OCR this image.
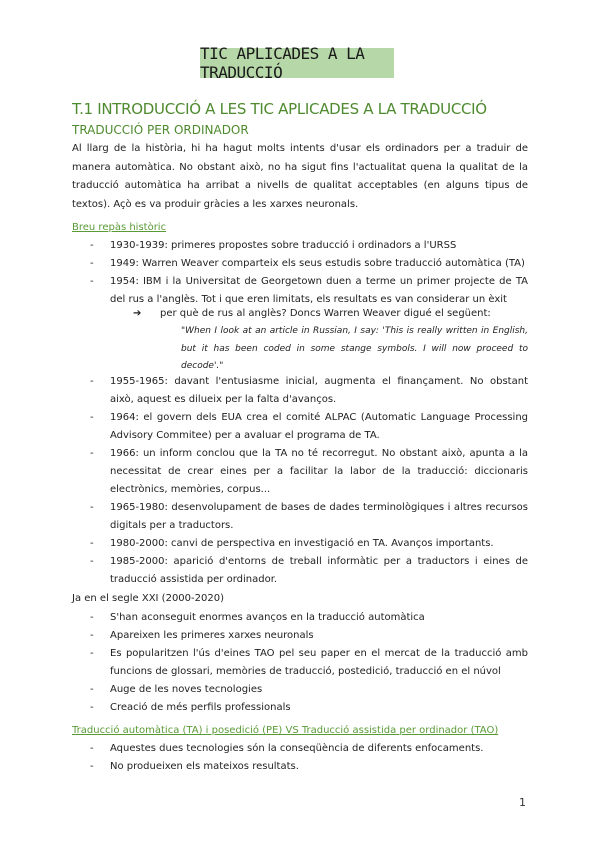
TIC APLICADES A LA TRADUCCIÓ
T.1 INTRODUCCIÓ A LES TIC APLICADES A LA TRADUCCIÓ
TRADUCCIÓ PER ORDINADOR
Al llarg de la història, hi ha hagut molts intents d'usar els ordinadors per a traduir de manera automàtica. No obstant això, no ha sigut fins l'actualitat quena la qualitat de la traducció automàtica ha arribat a nivells de qualitat acceptables (en alguns tipus de textos). Açò es va produir gràcies a les xarxes neuronals.
Breu repàs històric
- 1930-1939: primeres propostes sobre traducció i ordinadors a l'URSS
- 1949: Warren Weaver comparteix els seus estudis sobre traducció automàtica (TA)
- 1954: IBM i la Universitat de Georgetown duen a terme un primer projecte de TA del rus a l'anglès. Tot i que eren limitats, els resultats es van considerar un èxit
➔ per què de rus al anglès? Doncs Warren Weaver digué el següent:
"When I look at an article in Russian, I say: 'This is really written in English, but it has been coded in some stange symbols. I will now proceed to decode'."
- 1955-1965: davant l'entusiasme inicial, augmenta el finançament. No obstant això, aquest es dilueix per la falta d'avanços.
- 1964: el govern dels EUA crea el comité ALPAC (Automatic Language Processing Advisory Commitee) per a avaluar el programa de TA.
- 1966: un inform conclou que la TA no té recorregut. No obstant això, apunta a la necessitat de crear eines per a facilitar la labor de la traducció: diccionaris electrònics, memòries, corpus...
- 1965-1980: desenvolupament de bases de dades terminològiques i altres recursos digitals per a traductors.
- 1980-2000: canvi de perspectiva en investigació en TA. Avanços importants.
- 1985-2000: aparició d'entorns de treball informàtic per a traductors i eines de traducció assistida per ordinador.
Ja en el segle XXI (2000-2020)
- S'han aconseguit enormes avanços en la traducció automàtica
- Apareixen les primeres xarxes neuronals
- Es popularitzen l'ús d'eines TAO pel seu paper en el mercat de la traducció amb funcions de glossari, memòries de traducció, postedició, traducció en el núvol
- Auge de les noves tecnologies
- Creació de més perfils professionals
Traducció automàtica (TA) i posedició (PE) VS Traducció assistida per ordinador (TAO)
- Aquestes dues tecnologies són la conseqüència de diferents enfocaments.
- No produeixen els mateixos resultats.
1
